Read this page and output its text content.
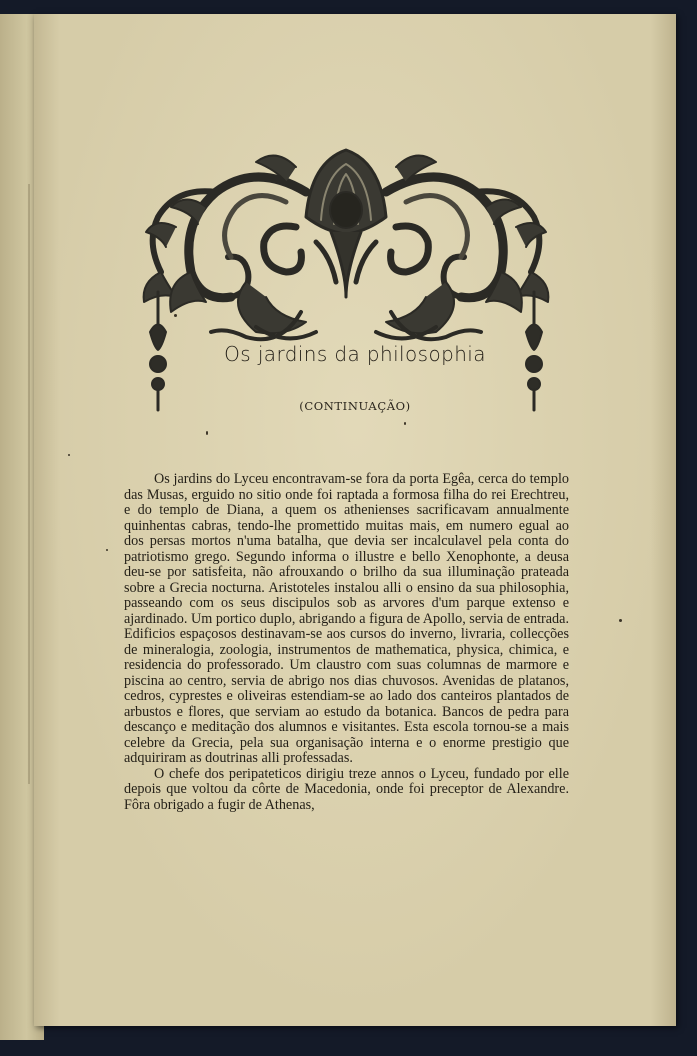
Os jardins da philosophia
(CONTINUAÇÃO)

Os jardins do Lyceu encontravam-se fora da porta Egêa, cerca do templo das Musas, erguido no sitio onde foi raptada a formosa filha do rei Erechtreu, e do templo de Diana, a quem os athenienses sacrificavam annualmente quinhentas cabras, tendo-lhe promettido muitas mais, em numero egual ao dos persas mortos n'uma batalha, que devia ser incalculavel pela conta do patriotismo grego. Segundo informa o illustre e bello Xenophonte, a deusa deu-se por satisfeita, não afrouxando o brilho da sua illuminação prateada sobre a Grecia nocturna. Aristoteles instalou alli o ensino da sua philosophia, passeando com os seus discipulos sob as arvores d'um parque extenso e ajardinado. Um portico duplo, abrigando a figura de Apollo, servia de entrada. Edificios espaçosos destinavam-se aos cursos do inverno, livraria, collecções de mineralogia, zoologia, instrumentos de mathematica, physica, chimica, e residencia do professorado. Um claustro com suas columnas de marmore e piscina ao centro, servia de abrigo nos dias chuvosos. Avenidas de platanos, cedros, cyprestes e oliveiras estendiam-se ao lado dos canteiros plantados de arbustos e flores, que serviam ao estudo da botanica. Bancos de pedra para descanço e meditação dos alumnos e visitantes. Esta escola tornou-se a mais celebre da Grecia, pela sua organisação interna e o enorme prestigio que adquiriram as doutrinas alli professadas.

O chefe dos peripateticos dirigiu treze annos o Lyceu, fundado por elle depois que voltou da côrte de Macedonia, onde foi preceptor de Alexandre. Fôra obrigado a fugir de Athenas,
